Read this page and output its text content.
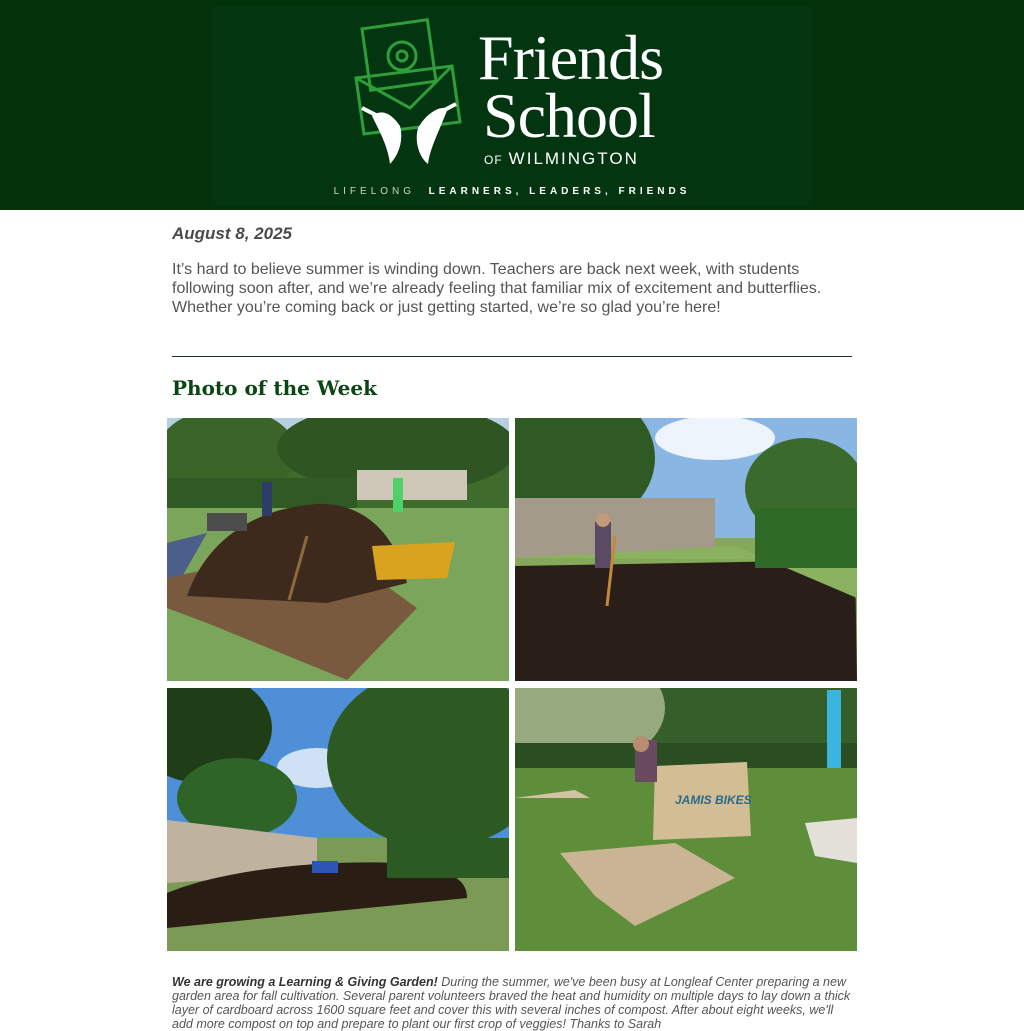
Friends
School
OF WILMINGTON
LIFELONG LEARNERS, LEADERS, FRIENDS
August 8, 2025
It’s hard to believe summer is winding down. Teachers are back next week, with students following soon after, and we’re already feeling that familiar mix of excitement and butterflies. Whether you’re coming back or just getting started, we’re so glad you’re here!
Photo of the Week
JAMIS BIKES
We are growing a Learning & Giving Garden! During the summer, we've been busy at Longleaf Center preparing a new garden area for fall cultivation. Several parent volunteers braved the heat and humidity on multiple days to lay down a thick layer of cardboard across 1600 square feet and cover this with several inches of compost. After about eight weeks, we'll add more compost on top and prepare to plant our first crop of veggies! Thanks to Sarah
